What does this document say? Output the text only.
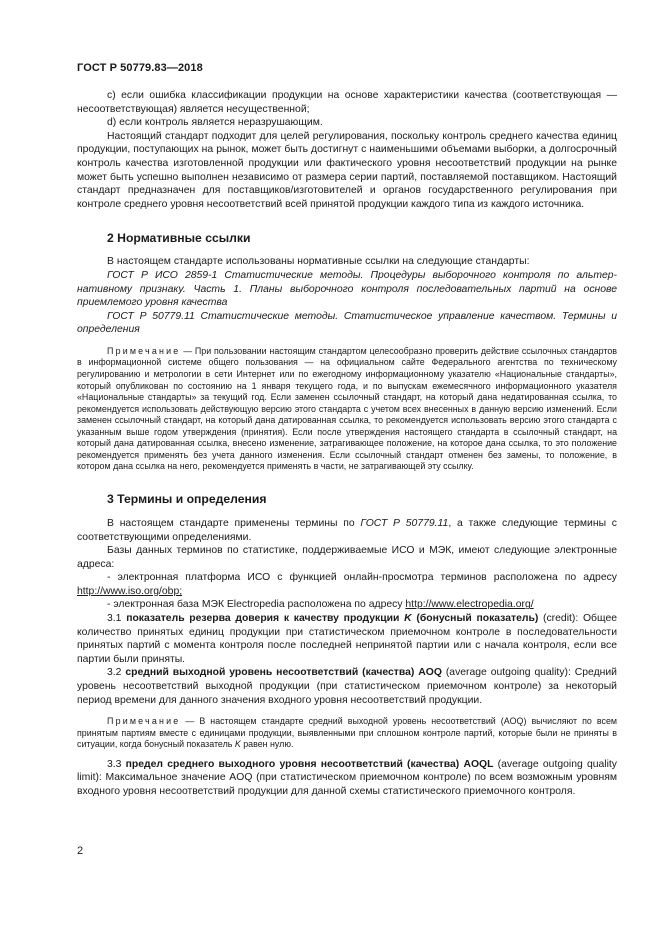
ГОСТ Р 50779.83—2018

c) если ошибка классификации продукции на основе характеристики качества (соответствующая — несоответствующая) является несущественной;

d) если контроль является неразрушающим.

Настоящий стандарт подходит для целей регулирования, поскольку контроль среднего качества единиц продукции, поступающих на рынок, может быть достигнут с наименьшими объемами выборки, а долгосрочный контроль качества изготовленной продукции или фактического уровня несоответствий продукции на рынке может быть успешно выполнен независимо от размера серии партий, поставляемой поставщиком. Настоящий стандарт предназначен для поставщиков/изготовителей и органов государственного регулирования при контроле среднего уровня несоответствий всей принятой продукции каждого типа из каждого источника.

2 Нормативные ссылки

В настоящем стандарте использованы нормативные ссылки на следующие стандарты:

ГОСТ Р ИСО 2859-1 Статистические методы. Процедуры выборочного контроля по альтернативному признаку. Часть 1. Планы выборочного контроля последовательных партий на основе приемлемого уровня качества

ГОСТ Р 50779.11 Статистические методы. Статистическое управление качеством. Термины и определения

Примечание — При пользовании настоящим стандартом целесообразно проверить действие ссылочных стандартов в информационной системе общего пользования — на официальном сайте Федерального агентства по техническому регулированию и метрологии в сети Интернет или по ежегодному информационному указателю «Национальные стандарты», который опубликован по состоянию на 1 января текущего года, и по выпускам ежемесячного информационного указателя «Национальные стандарты» за текущий год. Если заменен ссылочный стандарт, на который дана недатированная ссылка, то рекомендуется использовать действующую версию этого стандарта с учетом всех внесенных в данную версию изменений. Если заменен ссылочный стандарт, на который дана датированная ссылка, то рекомендуется использовать версию этого стандарта с указанным выше годом утверждения (принятия). Если после утверждения настоящего стандарта в ссылочный стандарт, на который дана датированная ссылка, внесено изменение, затрагивающее положение, на которое дана ссылка, то это положение рекомендуется применять без учета данного изменения. Если ссылочный стандарт отменен без замены, то положение, в котором дана ссылка на него, рекомендуется применять в части, не затрагивающей эту ссылку.

3 Термины и определения

В настоящем стандарте применены термины по ГОСТ Р 50779.11, а также следующие термины с соответствующими определениями.

Базы данных терминов по статистике, поддерживаемые ИСО и МЭК, имеют следующие электронные адреса:

- электронная платформа ИСО с функцией онлайн-просмотра терминов расположена по адресу http://www.iso.org/obp;

- электронная база МЭК Electropedia расположена по адресу http://www.electropedia.org/

3.1 показатель резерва доверия к качеству продукции K (бонусный показатель) (credit): Общее количество принятых единиц продукции при статистическом приемочном контроле в последовательности принятых партий с момента контроля после последней непринятой партии или с начала контроля, если все партии были приняты.

3.2 средний выходной уровень несоответствий (качества) AOQ (average outgoing quality): Средний уровень несоответствий выходной продукции (при статистическом приемочном контроле) за некоторый период времени для данного значения входного уровня несоответствий продукции.

Примечание — В настоящем стандарте средний выходной уровень несоответствий (AOQ) вычисляют по всем принятым партиям вместе с единицами продукции, выявленными при сплошном контроле партий, которые были не приняты в ситуации, когда бонусный показатель K равен нулю.

3.3 предел среднего выходного уровня несоответствий (качества) AOQL (average outgoing quality limit): Максимальное значение AOQ (при статистическом приемочном контроле) по всем возможным уровням входного уровня несоответствий продукции для данной схемы статистического приемочного контроля.

2
